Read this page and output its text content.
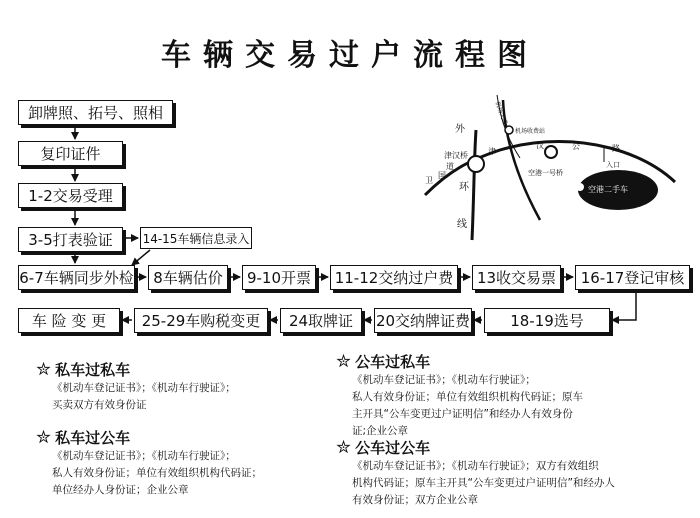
车辆交易过户流程图
卸牌照、拓号、照相
复印证件
1-2交易受理
3-5打表验证	14-15车辆信息录入
6-7车辆同步外检	8车辆估价	9-10开票	11-12交纳过户费	13收交易票	16-17登记审核
18-19选号
20交纳牌证费
24取牌证
25-29车购税变更
车 险 变 更
外
环
线
卫
国
津汉桥
道
津
汉	公	路
机场大道
机场收费站
空港一号桥
入口
空港二手车
✮ 私车过私车
《机动车登记证书》；《机动车行驶证》；
买卖双方有效身份证
✮ 私车过公车
《机动车登记证书》；《机动车行驶证》；
私人有效身份证；单位有效组织机构代码证；
单位经办人身份证；企业公章
✮ 公车过私车
《机动车登记证书》；《机动车行驶证》；
私人有效身份证；单位有效组织机构代码证；原车
主开具“公车变更过户证明信”和经办人有效身份
证;企业公章
✮ 公车过公车
《机动车登记证书》；《机动车行驶证》；双方有效组织
机构代码证；原车主开具“公车变更过户证明信”和经办人
有效身份证；双方企业公章
